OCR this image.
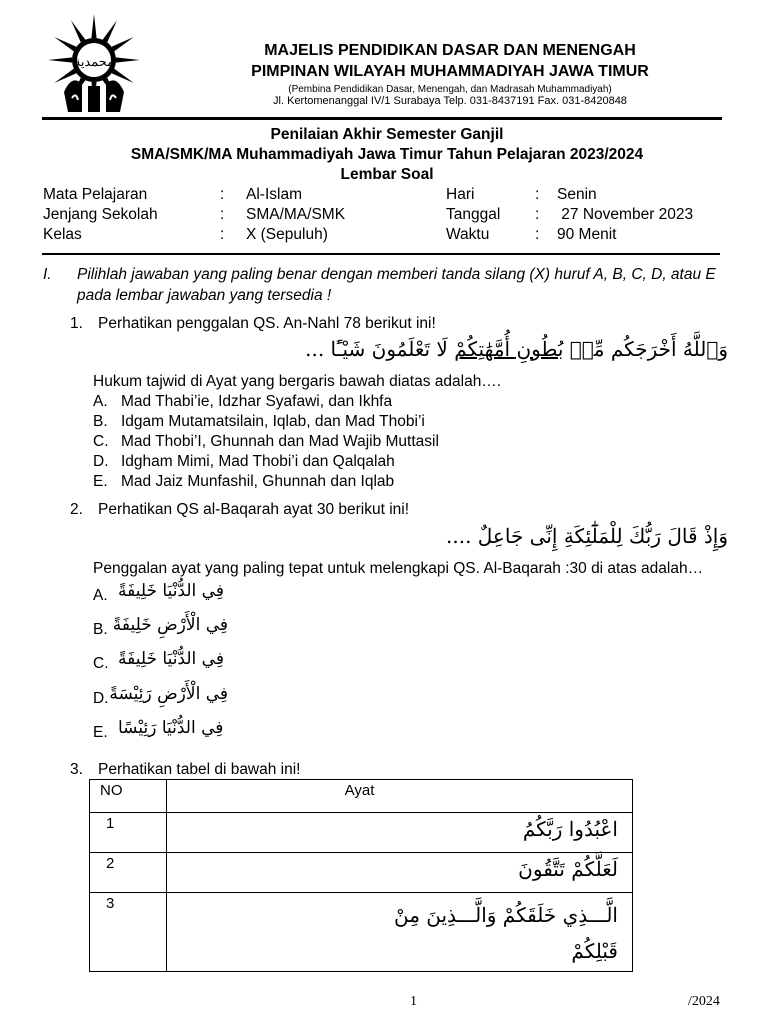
محمدية
MAJELIS PENDIDIKAN DASAR DAN MENENGAH
PIMPINAN WILAYAH MUHAMMADIYAH JAWA TIMUR
(Pembina Pendidikan Dasar, Menengah, dan Madrasah Muhammadiyah)
Jl. Kertomenanggal IV/1 Surabaya Telp. 031-8437191 Fax. 031-8420848
Penilaian Akhir Semester Ganjil
SMA/SMK/MA Muhammadiyah Jawa Timur Tahun Pelajaran 2023/2024
Lembar Soal
Mata Pelajaran	: Al-Islam
Jenjang Sekolah	: SMA/MA/SMK
Kelas	: X (Sepuluh)
Hari	: Senin
Tanggal : 27 November 2023
Waktu	: 90 Menit
I. Pilihlah jawaban yang paling benar dengan memberi tanda silang (X) huruf A, B, C, D, atau E
pada lembar jawaban yang tersedia !
1. Perhatikan penggalan QS. An-Nahl 78 berikut ini!
وَٱللَّهُ أَخْرَجَكُم مِّنۢ بُطُونِ أُمَّهَٰتِكُمْ لَا تَعْلَمُونَ شَيْـًٔا ...
Hukum tajwid di Ayat yang bergaris bawah diatas adalah….
A. Mad Thabi’ie, Idzhar Syafawi, dan Ikhfa
B. Idgam Mutamatsilain, Iqlab, dan Mad Thobi’i
C. Mad Thobi’I, Ghunnah dan Mad Wajib Muttasil
D. Idgham Mimi, Mad Thobi’i dan Qalqalah
E. Mad Jaiz Munfashil, Ghunnah dan Iqlab
2. Perhatikan QS al-Baqarah ayat 30 berikut ini!
وَإِذْ قَالَ رَبُّكَ لِلْمَلَٰٓئِكَةِ إِنِّى جَاعِلٌ ....
Penggalan ayat yang paling tepat untuk melengkapi QS. Al-Baqarah :30 di atas adalah…
A. فِي الدُّنْيَا خَلِيفَةً
B. فِي الْأَرْضِ خَلِيفَةً
C. فِي الدُّنْيَا خَلِيفَةً
D. فِي الْأَرْضِ رَئِيْسَةً
E. فِي الدُّنْيَا رَئِيْسًا
3. Perhatikan tabel di bawah ini!
NO	Ayat
1	اعْبُدُوا رَبَّكُمُ
2	لَعَلَّكُمْ تَتَّقُونَ
3	الَّـــذِي خَلَقَكُمْ وَالَّـــذِينَ مِنْ
قَبْلِكُمْ
1	/2024
